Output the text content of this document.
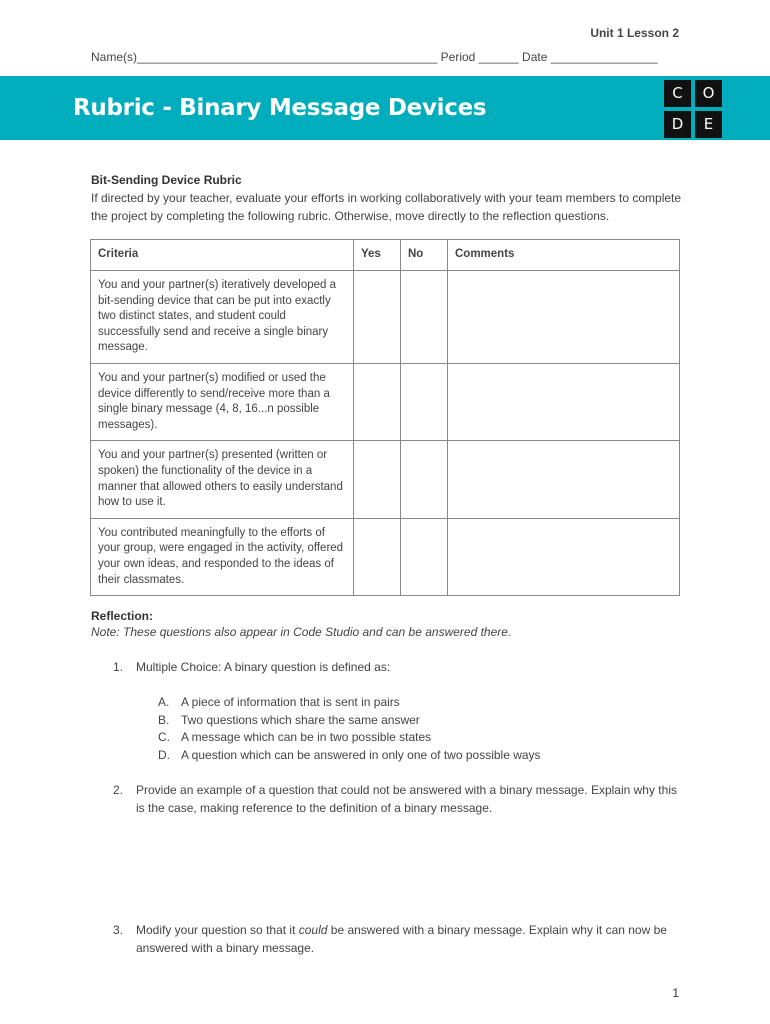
Unit 1 Lesson 2
Name(s)_____________________________________________ Period ______ Date ________________
Rubric - Binary Message Devices
C	O
D	E
Bit-Sending Device Rubric
If directed by your teacher, evaluate your efforts in working collaboratively with your team members to complete the project by completing the following rubric. Otherwise, move directly to the reflection questions.
Criteria	Yes	No	Comments
You and your partner(s) iteratively developed a bit-sending device that can be put into exactly two distinct states, and student could successfully send and receive a single binary message.			
You and your partner(s) modified or used the device differently to send/receive more than a single binary message (4, 8, 16...n possible messages).			
You and your partner(s) presented (written or spoken) the functionality of the device in a manner that allowed others to easily understand how to use it.			
You contributed meaningfully to the efforts of your group, were engaged in the activity, offered your own ideas, and responded to the ideas of their classmates.			
Reflection:
Note: These questions also appear in Code Studio and can be answered there.
1. Multiple Choice: A binary question is defined as:
A. A piece of information that is sent in pairs
B. Two questions which share the same answer
C. A message which can be in two possible states
D. A question which can be answered in only one of two possible ways
2. Provide an example of a question that could not be answered with a binary message. Explain why this is the case, making reference to the definition of a binary message.
3. Modify your question so that it could be answered with a binary message. Explain why it can now be answered with a binary message.
1
